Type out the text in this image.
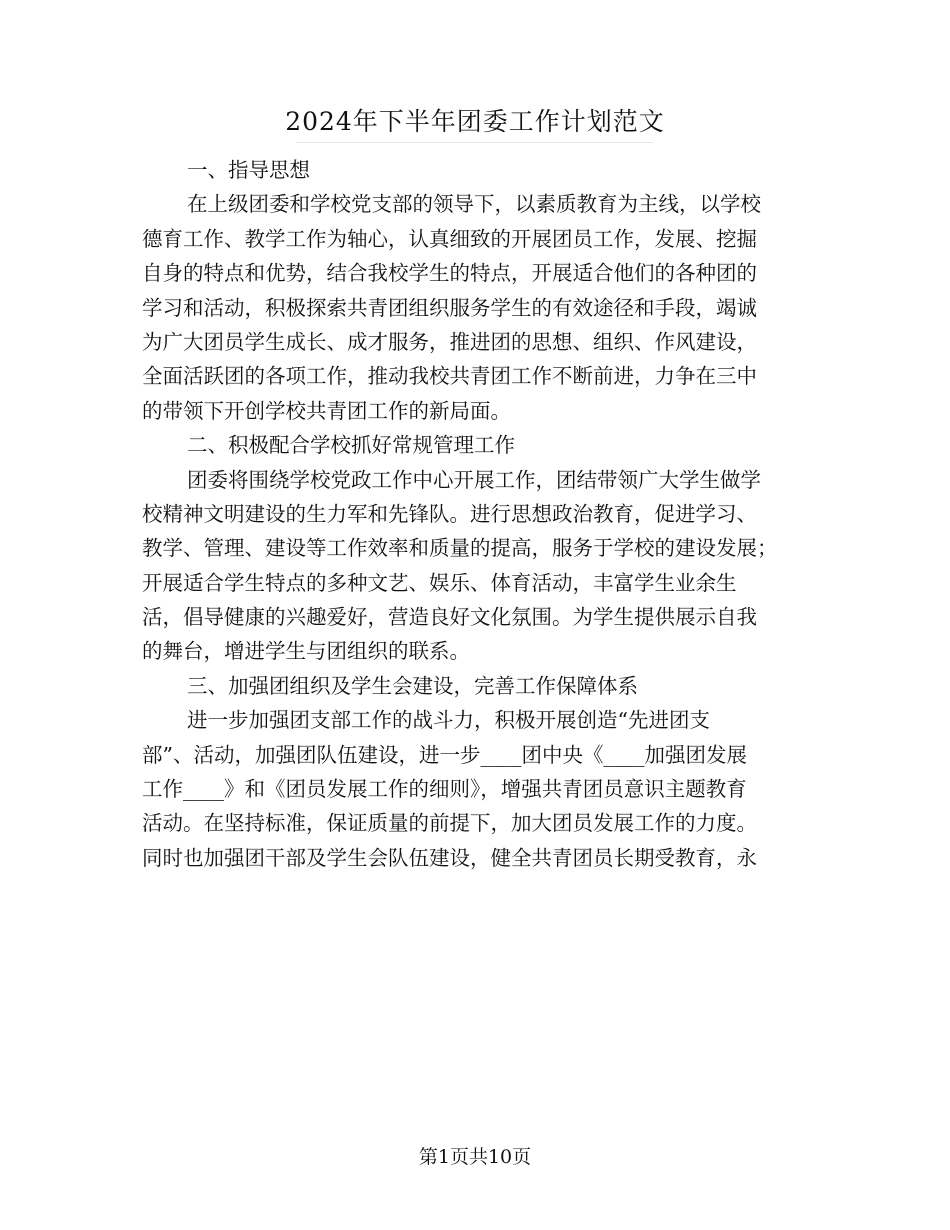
2024年下半年团委工作计划范文
一、指导思想
在上级团委和学校党支部的领导下，以素质教育为主线，以学校
德育工作、教学工作为轴心，认真细致的开展团员工作，发展、挖掘
自身的特点和优势，结合我校学生的特点，开展适合他们的各种团的
学习和活动，积极探索共青团组织服务学生的有效途径和手段，竭诚
为广大团员学生成长、成才服务，推进团的思想、组织、作风建设，
全面活跃团的各项工作，推动我校共青团工作不断前进，力争在三中
的带领下开创学校共青团工作的新局面。
二、积极配合学校抓好常规管理工作
团委将围绕学校党政工作中心开展工作，团结带领广大学生做学
校精神文明建设的生力军和先锋队。进行思想政治教育，促进学习、
教学、管理、建设等工作效率和质量的提高，服务于学校的建设发展；
开展适合学生特点的多种文艺、娱乐、体育活动，丰富学生业余生
活，倡导健康的兴趣爱好，营造良好文化氛围。为学生提供展示自我
的舞台，增进学生与团组织的联系。
三、加强团组织及学生会建设，完善工作保障体系
进一步加强团支部工作的战斗力，积极开展创造“先进团支
部”、活动，加强团队伍建设，进一步____团中央《____加强团发展
工作____》和《团员发展工作的细则》，增强共青团员意识主题教育
活动。在坚持标准，保证质量的前提下，加大团员发展工作的力度。
同时也加强团干部及学生会队伍建设，健全共青团员长期受教育，永
第1页共10页
